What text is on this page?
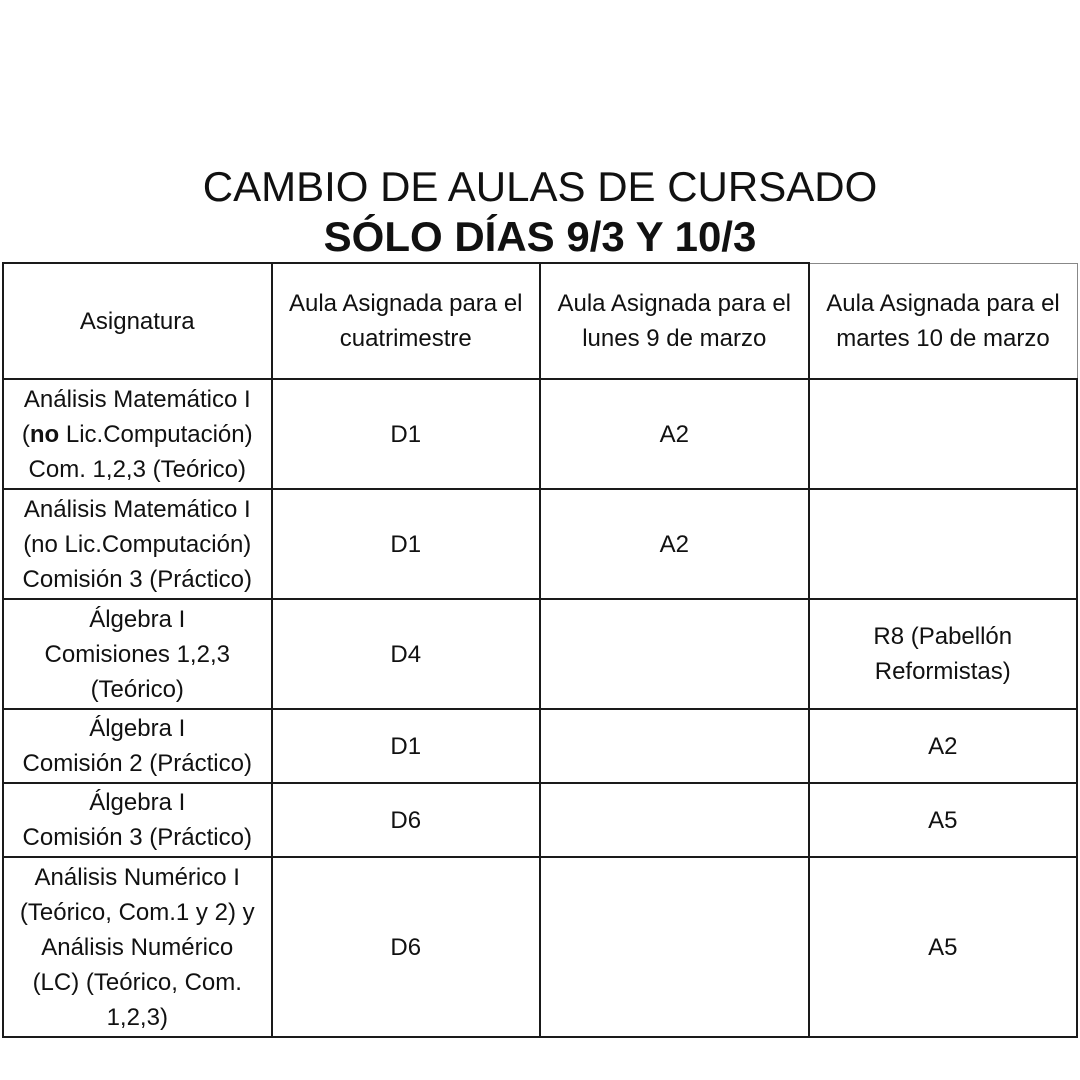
CAMBIO DE AULAS DE CURSADO
SÓLO DÍAS 9/3 Y 10/3
Asignatura	Aula Asignada para el cuatrimestre	Aula Asignada para el lunes 9 de marzo	Aula Asignada para el martes 10 de marzo

Análisis Matemático I
(no Lic.Computación)
Com. 1,2,3 (Teórico)	D1	A2	

Análisis Matemático I
(no Lic.Computación)
Comisión 3 (Práctico)	D1	A2	

Álgebra I
Comisiones 1,2,3
(Teórico)	D4		R8 (Pabellón
Reformistas)

Álgebra I
Comisión 2 (Práctico)	D1		A2

Álgebra I
Comisión 3 (Práctico)	D6		A5

Análisis Numérico I
(Teórico, Com.1 y 2) y
Análisis Numérico
(LC) (Teórico, Com.
1,2,3)	D6		A5
